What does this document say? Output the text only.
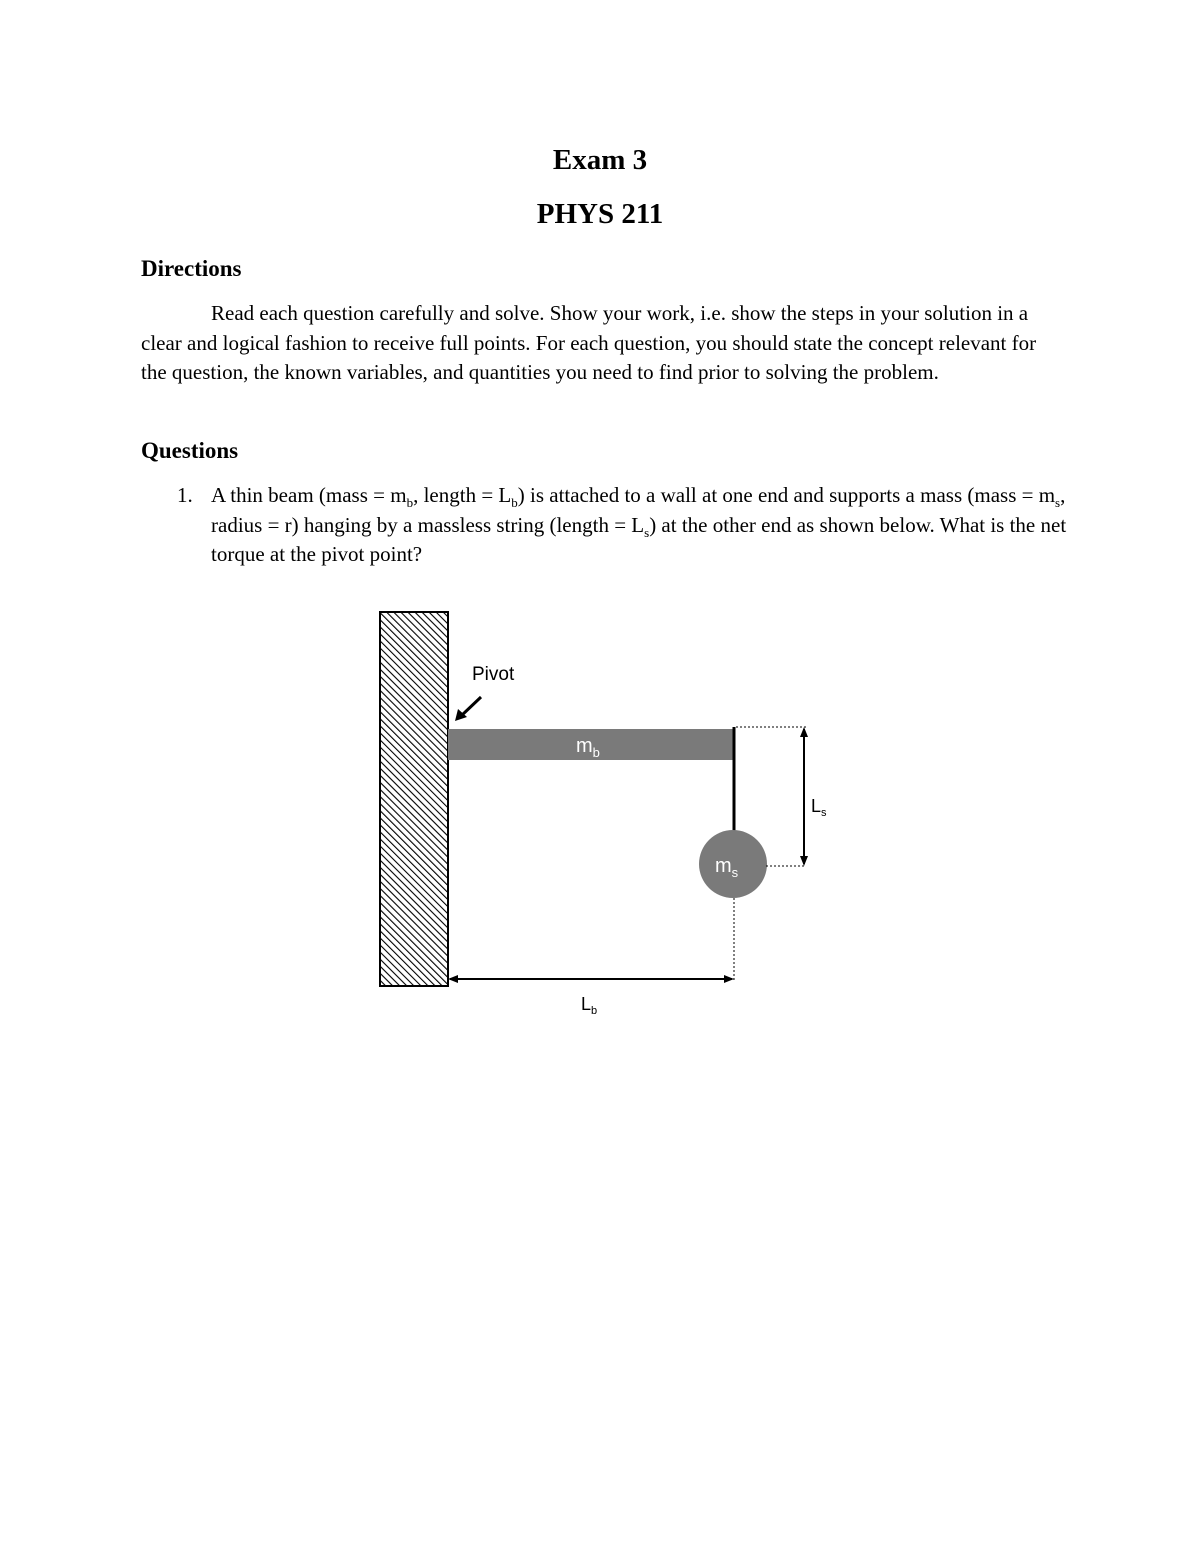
Exam 3
PHYS 211
Directions

Read each question carefully and solve. Show your work, i.e. show the steps in your solution in a clear and logical fashion to receive full points. For each question, you should state the concept relevant for the question, the known variables, and quantities you need to find prior to solving the problem.

Questions
1. A thin beam (mass = $m_b$, length = $L_b$) is attached to a wall at one end and supports a mass (mass = $m_s$, radius = r) hanging by a massless string (length = $L_s$) at the other end as shown below. What is the net torque at the pivot point?
Pivot
$m_b$
$m_s$
$L_s$
$L_b$
